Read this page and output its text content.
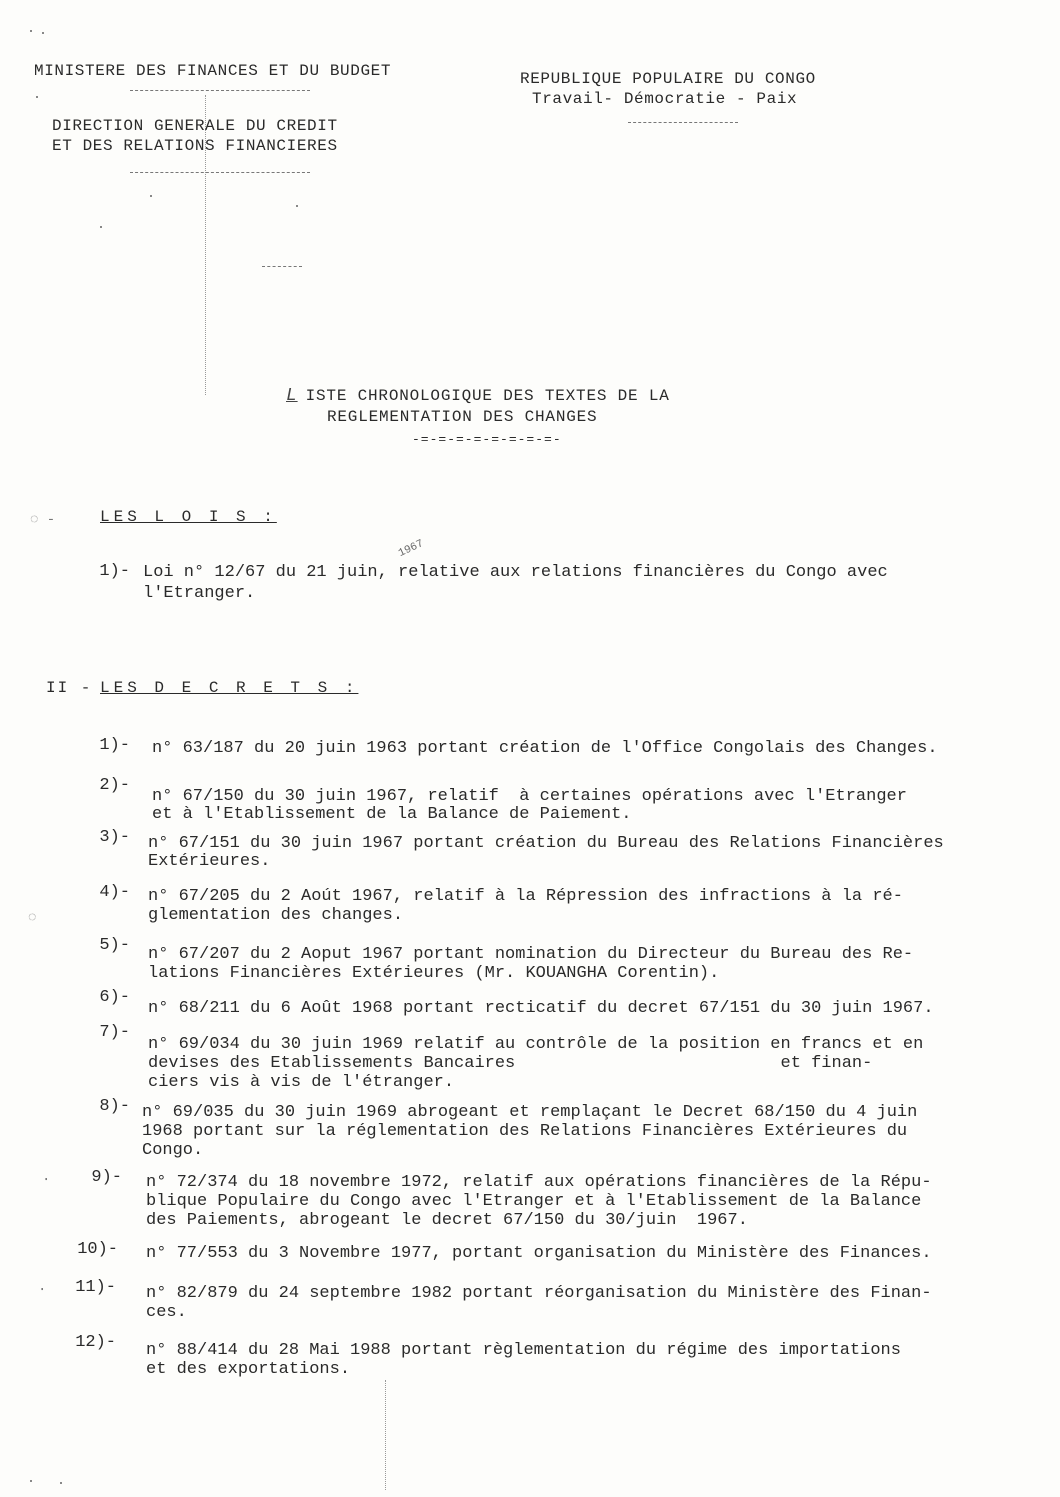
MINISTERE DES FINANCES ET DU BUDGET
DIRECTION GENERALE DU CREDIT
ET DES RELATIONS FINANCIERES
REPUBLIQUE POPULAIRE DU CONGO
Travail- Démocratie - Paix
L ISTE CHRONOLOGIQUE DES TEXTES DE LA
REGLEMENTATION DES CHANGES
-=-=-=-=-=-=-=-=-
◌ -	LES L O I S :
1)- Loi n° 12/67 du 21 juin, relative aux relations financières du Congo avec
l'Etranger.
1967
II - LES D E C R E T S :
1)- n° 63/187 du 20 juin 1963 portant création de l'Office Congolais des Changes.
2)-
n° 67/150 du 30 juin 1967, relatif  à certaines opérations avec l'Etranger
et à l'Etablissement de la Balance de Paiement.
3)- n° 67/151 du 30 juin 1967 portant création du Bureau des Relations Financières
Extérieures.
4)- n° 67/205 du 2 Aoút 1967, relatif à la Répression des infractions à la ré-
glementation des changes.
◌
5)- n° 67/207 du 2 Aoput 1967 portant nomination du Directeur du Bureau des Re-
lations Financières Extérieures (Mr. KOUANGHA Corentin).
6)-
n° 68/211 du 6 Août 1968 portant recticatif du decret 67/151 du 30 juin 1967.
7)-
n° 69/034 du 30 juin 1969 relatif au contrôle de la position en francs et en
devises des Etablissements Bancaires                          et finan-
ciers vis à vis de l'étranger.
8)- n° 69/035 du 30 juin 1969 abrogeant et remplaçant le Decret 68/150 du 4 juin
1968 portant sur la réglementation des Relations Financières Extérieures du
Congo.
∙	9)- n° 72/374 du 18 novembre 1972, relatif aux opérations financières de la Répu-
blique Populaire du Congo avec l'Etranger et à l'Etablissement de la Balance
des Paiements, abrogeant le decret 67/150 du 30/juin  1967.
10)- n° 77/553 du 3 Novembre 1977, portant organisation du Ministère des Finances.
∙	11)- n° 82/879 du 24 septembre 1982 portant réorganisation du Ministère des Finan-
ces.
12)- n° 88/414 du 28 Mai 1988 portant règlementation du régime des importations
et des exportations.
